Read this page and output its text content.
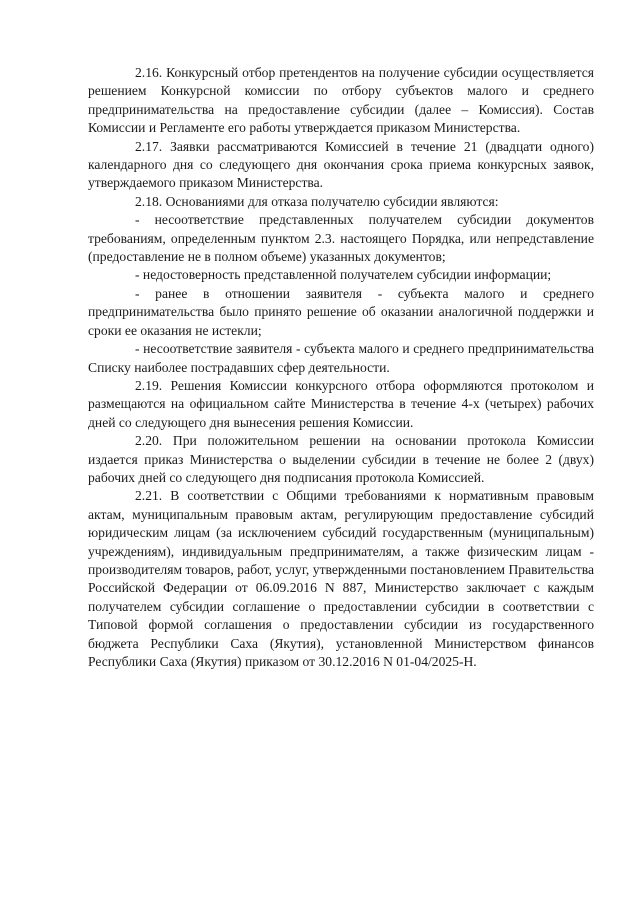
2.16. Конкурсный отбор претендентов на получение субсидии осуществляется решением Конкурсной комиссии по отбору субъектов малого и среднего предпринимательства на предоставление субсидии (далее – Комиссия). Состав Комиссии и Регламенте его работы утверждается приказом Министерства.

2.17. Заявки рассматриваются Комиссией в течение 21 (двадцати одного) календарного дня со следующего дня окончания срока приема конкурсных заявок, утверждаемого приказом Министерства.

2.18. Основаниями для отказа получателю субсидии являются:

- несоответствие представленных получателем субсидии документов требованиям, определенным пунктом 2.3. настоящего Порядка, или непредставление (предоставление не в полном объеме) указанных документов;

- недостоверность представленной получателем субсидии информации;

- ранее в отношении заявителя - субъекта малого и среднего предпринимательства было принято решение об оказании аналогичной поддержки и сроки ее оказания не истекли;

- несоответствие заявителя - субъекта малого и среднего предпринимательства Списку наиболее пострадавших сфер деятельности.

2.19. Решения Комиссии конкурсного отбора оформляются протоколом и размещаются на официальном сайте Министерства в течение 4-х (четырех) рабочих дней со следующего дня вынесения решения Комиссии.

2.20. При положительном решении на основании протокола Комиссии издается приказ Министерства о выделении субсидии в течение не более 2 (двух) рабочих дней со следующего дня подписания протокола Комиссией.

2.21. В соответствии с Общими требованиями к нормативным правовым актам, муниципальным правовым актам, регулирующим предоставление субсидий юридическим лицам (за исключением субсидий государственным (муниципальным) учреждениям), индивидуальным предпринимателям, а также физическим лицам - производителям товаров, работ, услуг, утвержденными постановлением Правительства Российской Федерации от 06.09.2016 N 887, Министерство заключает с каждым получателем субсидии соглашение о предоставлении субсидии в соответствии с Типовой формой соглашения о предоставлении субсидии из государственного бюджета Республики Саха (Якутия), установленной Министерством финансов Республики Саха (Якутия) приказом от 30.12.2016 N 01-04/2025-Н.
